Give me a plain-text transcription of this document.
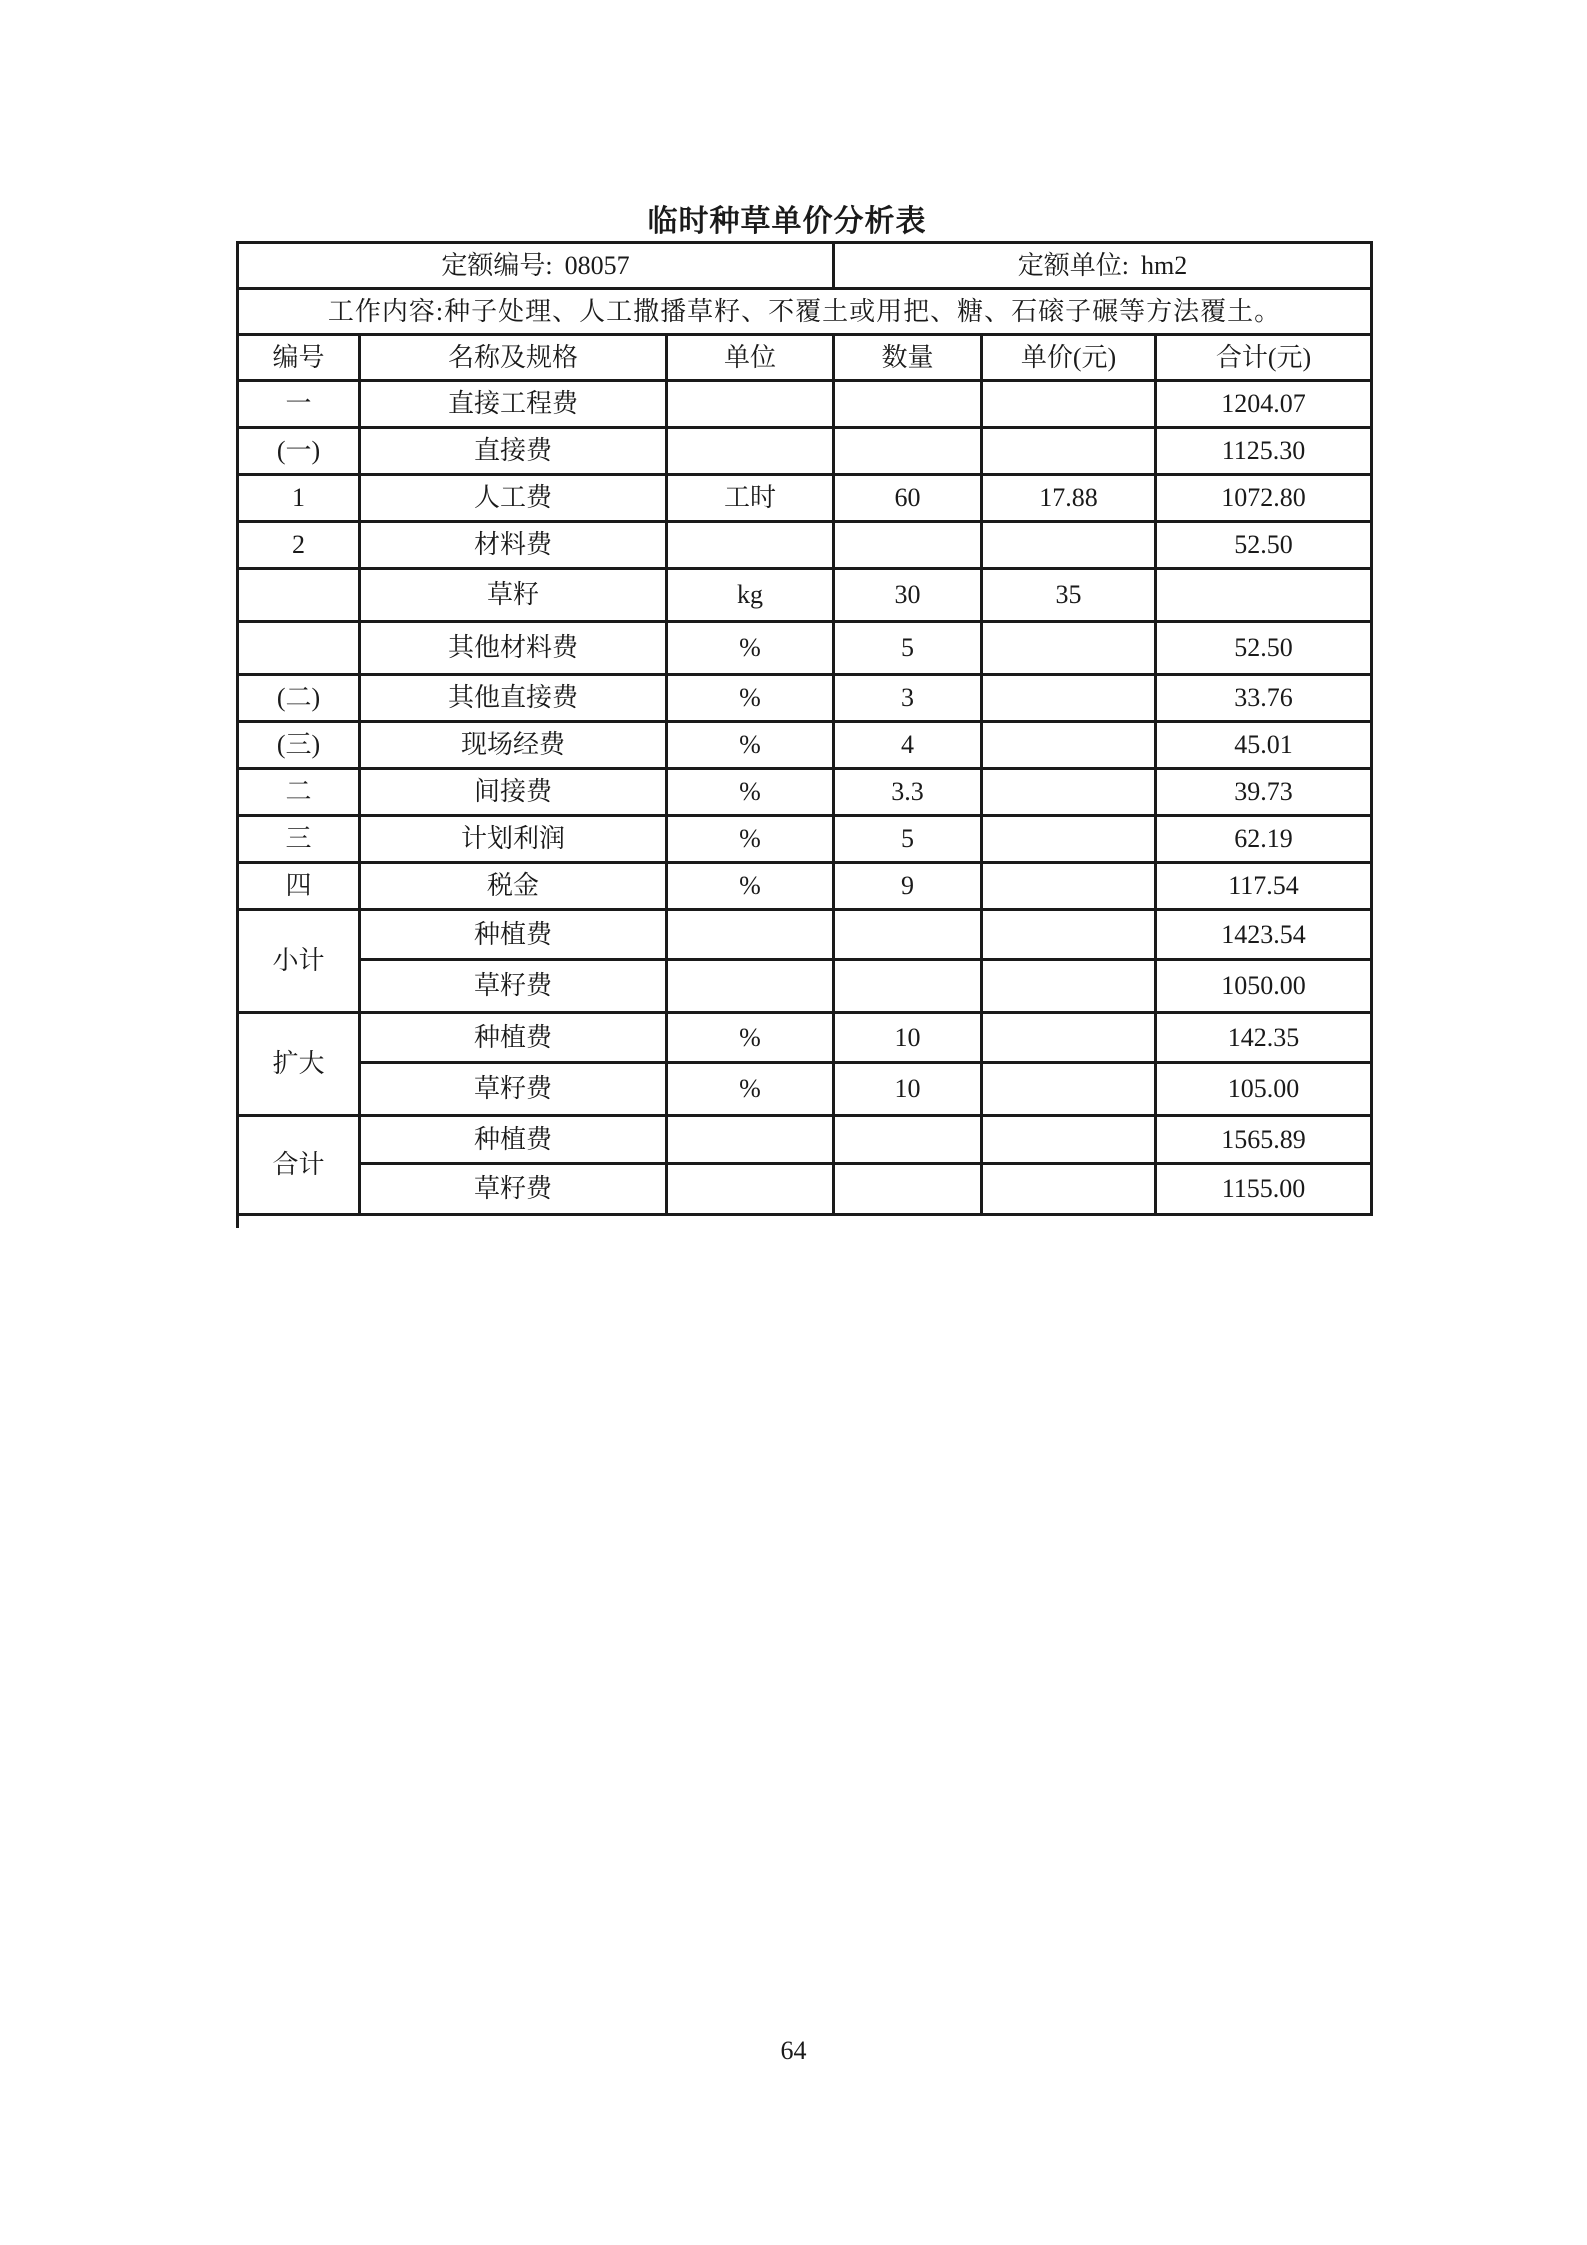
临时种草单价分析表
定额编号: 08057			定额单位: hm2		
工作内容:种子处理、人工撒播草籽、不覆土或用把、糖、石磙子碾等方法覆土。					
编号	名称及规格	单位	数量	单价(元)	合计(元)
一	直接工程费				1204.07
(一)	直接费				1125.30
1	人工费	工时	60	17.88	1072.80
2	材料费				52.50
	草籽	kg	30	35	
	其他材料费	%	5		52.50
(二)	其他直接费	%	3		33.76
(三)	现场经费	%	4		45.01
二	间接费	%	3.3		39.73
三	计划利润	%	5		62.19
四	税金	%	9		117.54
小计	种植费				1423.54
	草籽费				1050.00
扩大	种植费	%	10		142.35
	草籽费	%	10		105.00
合计	种植费				1565.89
	草籽费				1155.00
64
